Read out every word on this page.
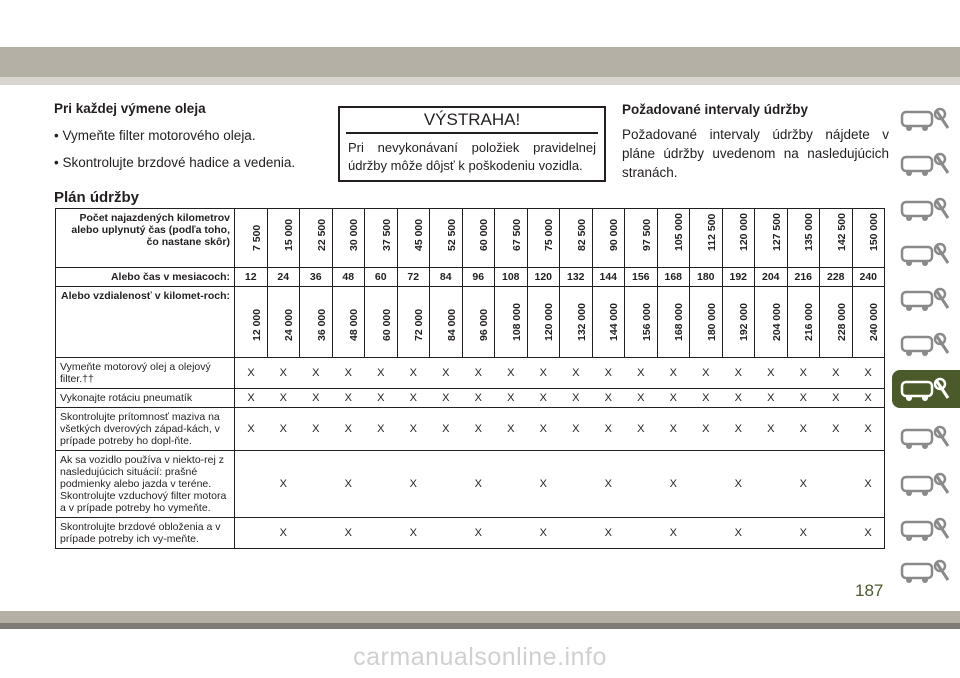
Pri každej výmene oleja

• Vymeňte filter motorového oleja.

• Skontrolujte brzdové hadice a vedenia.

VÝSTRAHA!
Pri nevykonávaní položiek pravidelnej údržby môže dôjsť k poškodeniu vozidla.

Požadované intervaly údržby

Požadované intervaly údržby nájdete v pláne údržby uvedenom na nasledujúcich stranách.

Plán údržby
Počet najazdených kilometrov alebo uplynutý čas (podľa toho, čo nastane skôr)	7 500	15 000	22 500	30 000	37 500	45 000	52 500	60 000	67 500	75 000	82 500	90 000	97 500	105 000	112 500	120 000	127 500	135 000	142 500	150 000

Alebo čas v mesiacoch:	12	24	36	48	60	72	84	96	108	120	132	144	156	168	180	192	204	216	228	240
Alebo vzdialenosť v kilomet-roch:	12 000	24 000	36 000	48 000	60 000	72 000	84 000	96 000	108 000	120 000	132 000	144 000	156 000	168 000	180 000	192 000	204 000	216 000	228 000	240 000

Vymeňte motorový olej a olejový filter.††	X	X	X	X	X	X	X	X	X	X	X	X	X	X	X	X	X	X	X	X
Vykonajte rotáciu pneumatík	X	X	X	X	X	X	X	X	X	X	X	X	X	X	X	X	X	X	X	X
Skontrolujte prítomnosť maziva na všetkých dverových západ-kách, v prípade potreby ho dopl-ňte.	X	X	X	X	X	X	X	X	X	X	X	X	X	X	X	X	X	X	X	X
Ak sa vozidlo používa v niekto-rej z nasledujúcich situácií: prašné podmienky alebo jazda v teréne. Skontrolujte vzduchový filter motora a v prípade potreby ho vymeňte.		X		X		X		X		X		X		X		X		X		X
Skontrolujte brzdové obloženia a v prípade potreby ich vy-meňte.		X		X		X		X		X		X		X		X		X		X
187
carmanualsonline.info
